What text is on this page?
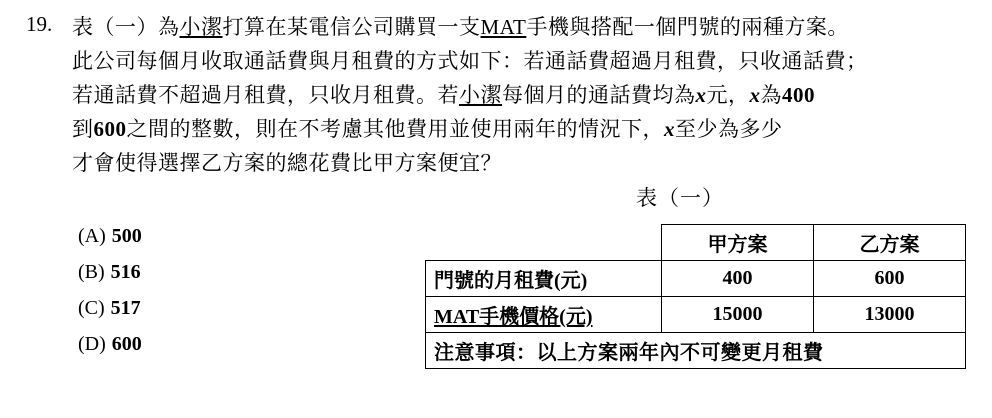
19. 表（一）為小潔打算在某電信公司購買一支MAT手機與搭配一個門號的兩種方案。
此公司每個月收取通話費與月租費的方式如下：若通話費超過月租費，只收通話費；
若通話費不超過月租費，只收月租費。若小潔每個月的通話費均為x元，x為400
到600之間的整數，則在不考慮其他費用並使用兩年的情況下，x至少為多少
才會使得選擇乙方案的總花費比甲方案便宜？
(A) 500
(B) 516
(C) 517
(D) 600
表（一）
	甲方案	乙方案
門號的月租費(元)	400	600
MAT手機價格(元)	15000	13000
注意事項：以上方案兩年內不可變更月租費		
